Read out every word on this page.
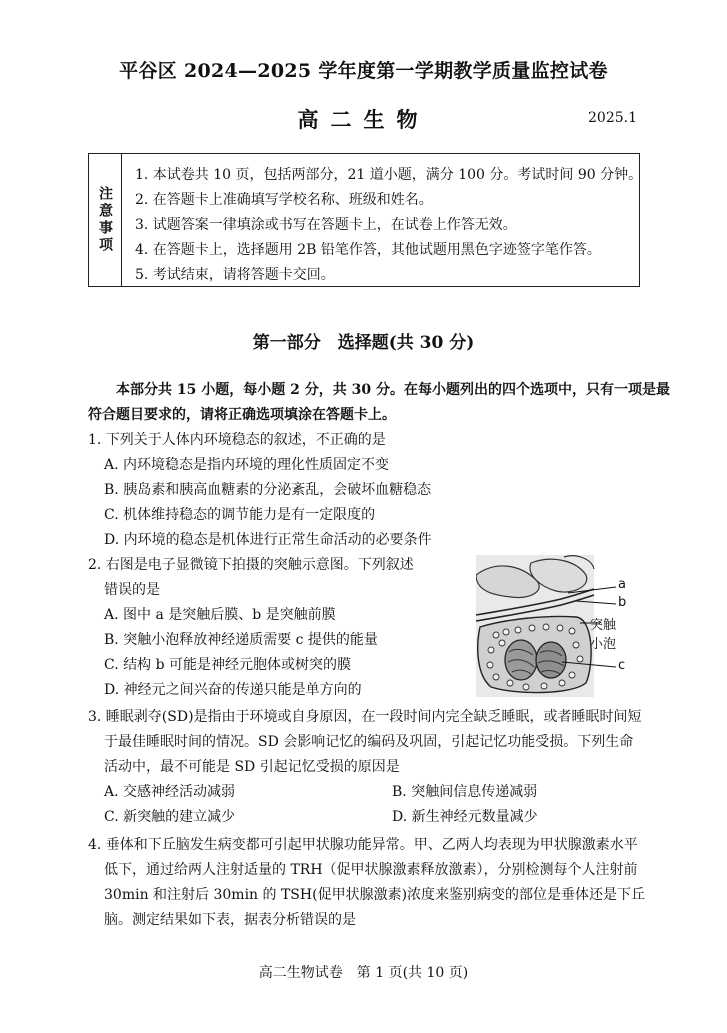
平谷区 2024—2025 学年度第一学期教学质量监控试卷
高二生物	2025.1
注意事项
1. 本试卷共 10 页，包括两部分，21 道小题，满分 100 分。考试时间 90 分钟。
2. 在答题卡上准确填写学校名称、班级和姓名。
3. 试题答案一律填涂或书写在答题卡上，在试卷上作答无效。
4. 在答题卡上，选择题用 2B 铅笔作答，其他试题用黑色字迹签字笔作答。
5. 考试结束，请将答题卡交回。
第一部分　选择题(共 30 分)

本部分共 15 小题，每小题 2 分，共 30 分。在每小题列出的四个选项中，只有一项是最

符合题目要求的，请将正确选项填涂在答题卡上。

1. 下列关于人体内环境稳态的叙述，不正确的是
A. 内环境稳态是指内环境的理化性质固定不变
B. 胰岛素和胰高血糖素的分泌紊乱，会破坏血糖稳态
C. 机体维持稳态的调节能力是有一定限度的
D. 内环境的稳态是机体进行正常生命活动的必要条件
2. 右图是电子显微镜下拍摄的突触示意图。下列叙述
错误的是
A. 图中 a 是突触后膜、b 是突触前膜
B. 突触小泡释放神经递质需要 c 提供的能量
C. 结构 b 可能是神经元胞体或树突的膜
D. 神经元之间兴奋的传递只能是单方向的
a
b
突触小泡
c
3. 睡眠剥夺(SD)是指由于环境或自身原因，在一段时间内完全缺乏睡眠，或者睡眠时间短
于最佳睡眠时间的情况。SD 会影响记忆的编码及巩固，引起记忆功能受损。下列生命
活动中，最不可能是 SD 引起记忆受损的原因是
A. 交感神经活动减弱	B. 突触间信息传递减弱
C. 新突触的建立减少	D. 新生神经元数量减少
4. 垂体和下丘脑发生病变都可引起甲状腺功能异常。甲、乙两人均表现为甲状腺激素水平
低下，通过给两人注射适量的 TRH（促甲状腺激素释放激素），分别检测每个人注射前
30min 和注射后 30min 的 TSH(促甲状腺激素)浓度来鉴别病变的部位是垂体还是下丘
脑。测定结果如下表，据表分析错误的是
高二生物试卷　第 1 页(共 10 页)
